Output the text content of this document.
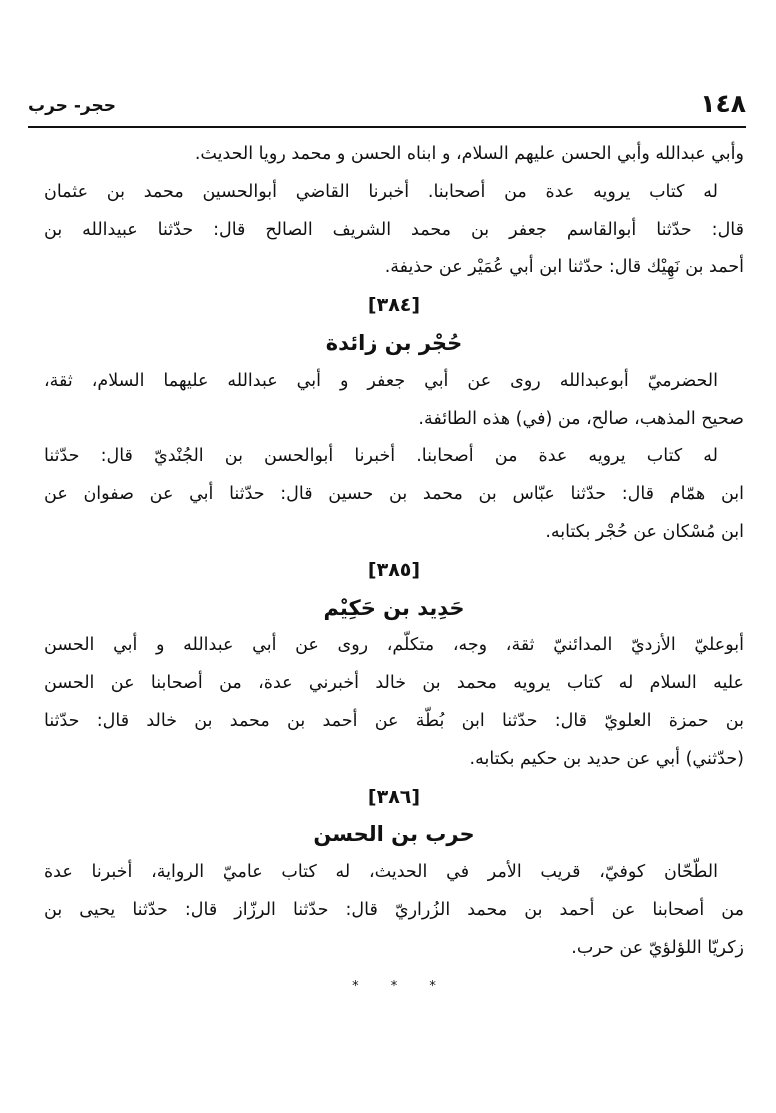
١٤٨
حجر- حرب
وأبي عبدالله وأبي الحسن عليهم السلام، و ابناه الحسن و محمد رويا الحديث.
له كتاب يرويه عدة من أصحابنا. أخبرنا القاضي أبوالحسين محمد بن عثمان
قال: حدّثنا أبوالقاسم جعفر بن محمد الشريف الصالح قال: حدّثنا عبيدالله بن
أحمد بن نَهِيْك قال: حدّثنا ابن أبي عُمَيْر عن حذيفة.
[٣٨٤]
حُجْر بن زائدة
الحضرميّ أبوعبدالله روى عن أبي جعفر و أبي عبدالله عليهما السلام، ثقة،
صحيح المذهب، صالح، من (في) هذه الطائفة.
له كتاب يرويه عدة من أصحابنا. أخبرنا أبوالحسن بن الجُنْديّ قال: حدّثنا
ابن همّام قال: حدّثنا عبّاس بن محمد بن حسين قال: حدّثنا أبي عن صفوان عن
ابن مُسْكان عن حُجْر بكتابه.
[٣٨٥]
حَدِيد بن حَكِيْم
أبوعليّ الأزديّ المدائنيّ ثقة، وجه، متكلّم، روى عن أبي عبدالله و أبي الحسن
عليه السلام له كتاب يرويه محمد بن خالد أخبرني عدة، من أصحابنا عن الحسن
بن حمزة العلويّ قال: حدّثنا ابن بُطّة عن أحمد بن محمد بن خالد قال: حدّثنا
(حدّثني) أبي عن حديد بن حكيم بكتابه.
[٣٨٦]
حرب بن الحسن
الطّحّان كوفيّ، قريب الأمر في الحديث، له كتاب عاميّ الرواية، أخبرنا عدة
من أصحابنا عن أحمد بن محمد الزُراريّ قال: حدّثنا الرزّاز قال: حدّثنا يحيى بن
زكريّا اللؤلؤيّ عن حرب.
* * *
